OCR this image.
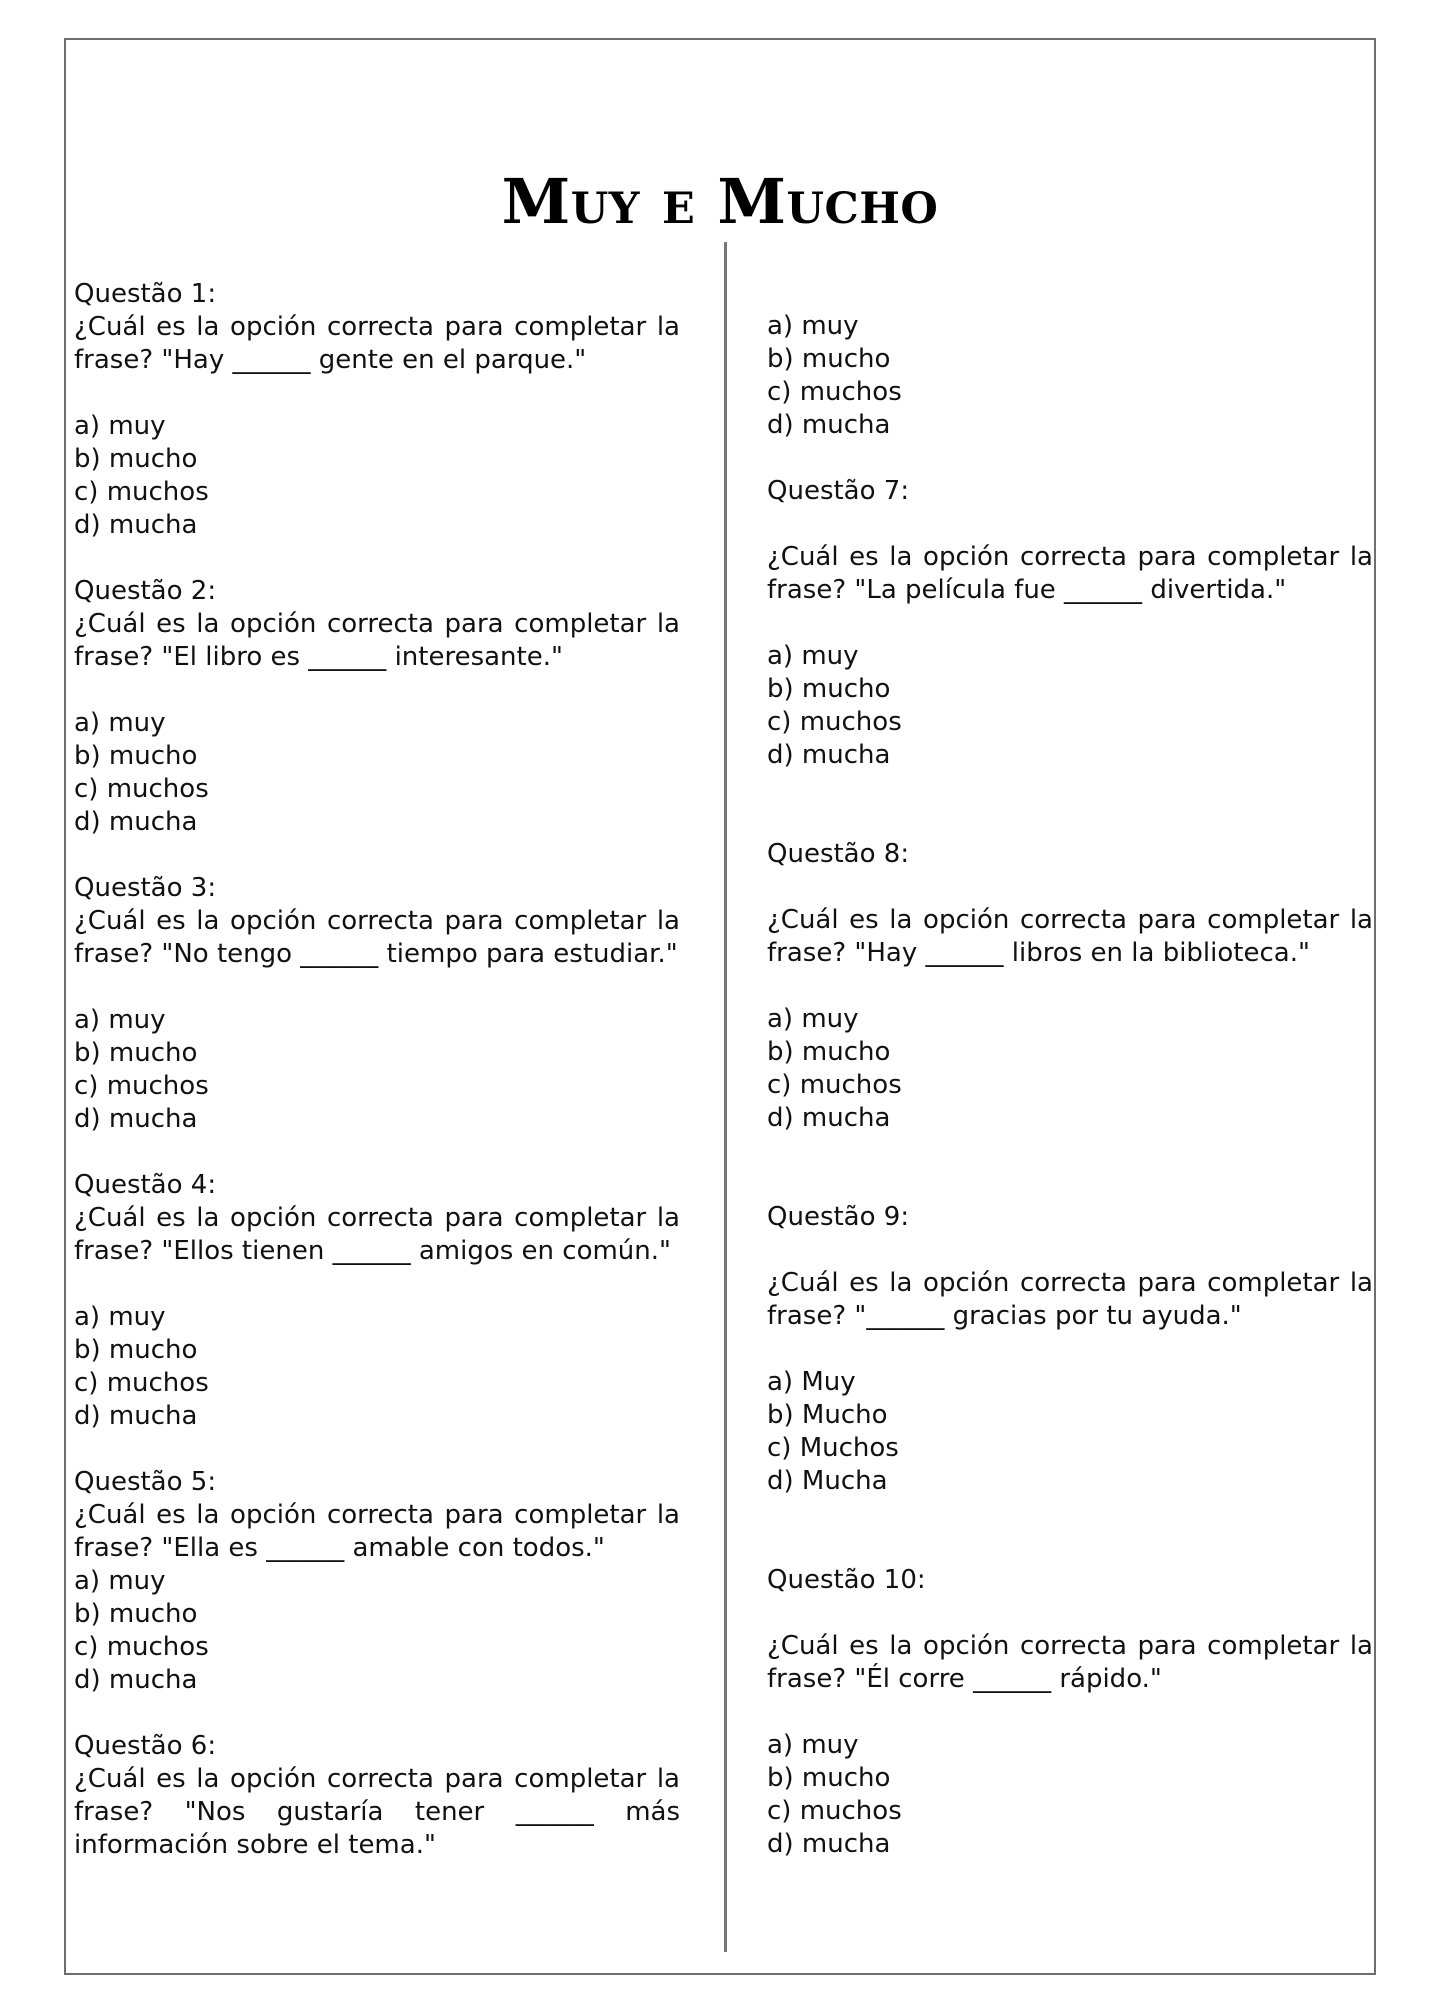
Muy e Mucho
Questão 1:

¿Cuál es la opción correcta para completar la frase? "Hay ______ gente en el parque."

a) muy
b) mucho
c) muchos
d) mucha
Questão 2:

¿Cuál es la opción correcta para completar la frase? "El libro es ______ interesante."

a) muy
b) mucho
c) muchos
d) mucha
Questão 3:

¿Cuál es la opción correcta para completar la frase? "No tengo ______ tiempo para estudiar."

a) muy
b) mucho
c) muchos
d) mucha
Questão 4:

¿Cuál es la opción correcta para completar la frase? "Ellos tienen ______ amigos en común."

a) muy
b) mucho
c) muchos
d) mucha
Questão 5:

¿Cuál es la opción correcta para completar la frase? "Ella es ______ amable con todos."

a) muy
b) mucho
c) muchos
d) mucha
Questão 6:

¿Cuál es la opción correcta para completar la frase? "Nos gustaría tener ______ más información sobre el tema."

a) muy
b) mucho
c) muchos
d) mucha
Questão 7:

¿Cuál es la opción correcta para completar la frase? "La película fue ______ divertida."

a) muy
b) mucho
c) muchos
d) mucha
Questão 8:

¿Cuál es la opción correcta para completar la frase? "Hay ______ libros en la biblioteca."

a) muy
b) mucho
c) muchos
d) mucha
Questão 9:

¿Cuál es la opción correcta para completar la frase? "______ gracias por tu ayuda."

a) Muy
b) Mucho
c) Muchos
d) Mucha
Questão 10:

¿Cuál es la opción correcta para completar la frase? "Él corre ______ rápido."

a) muy
b) mucho
c) muchos
d) mucha
